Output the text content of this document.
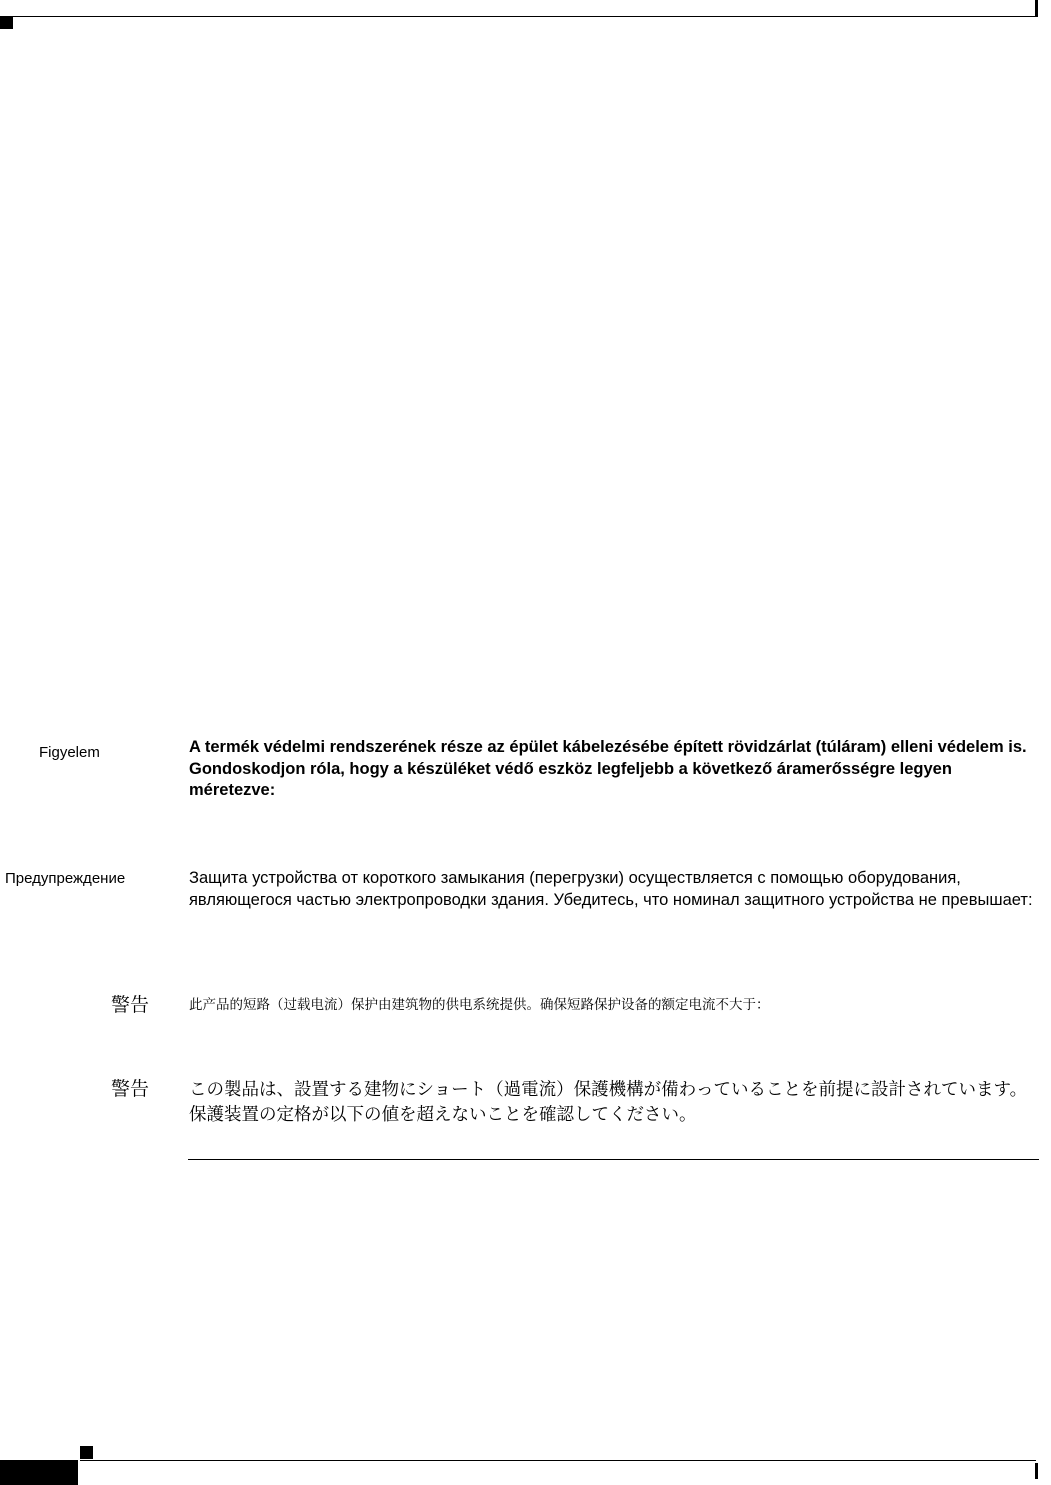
Figyelem	A termék védelmi rendszerének része az épület kábelezésébe épített rövidzárlat (túláram) elleni védelem is. Gondoskodjon róla, hogy a készüléket védő eszköz legfeljebb a következő áramerősségre legyen méretezve:
Предупреждение	Защита устройства от короткого замыкания (перегрузки) осуществляется с помощью оборудования, являющегося частью электропроводки здания. Убедитесь, что номинал защитного устройства не превышает:
警告	此产品的短路（过载电流）保护由建筑物的供电系统提供。确保短路保护设备的额定电流不大于：
警告 この製品は、設置する建物にショート（過電流）保護機構が備わっていることを前提に設計されています。保護装置の定格が以下の値を超えないことを確認してください。
